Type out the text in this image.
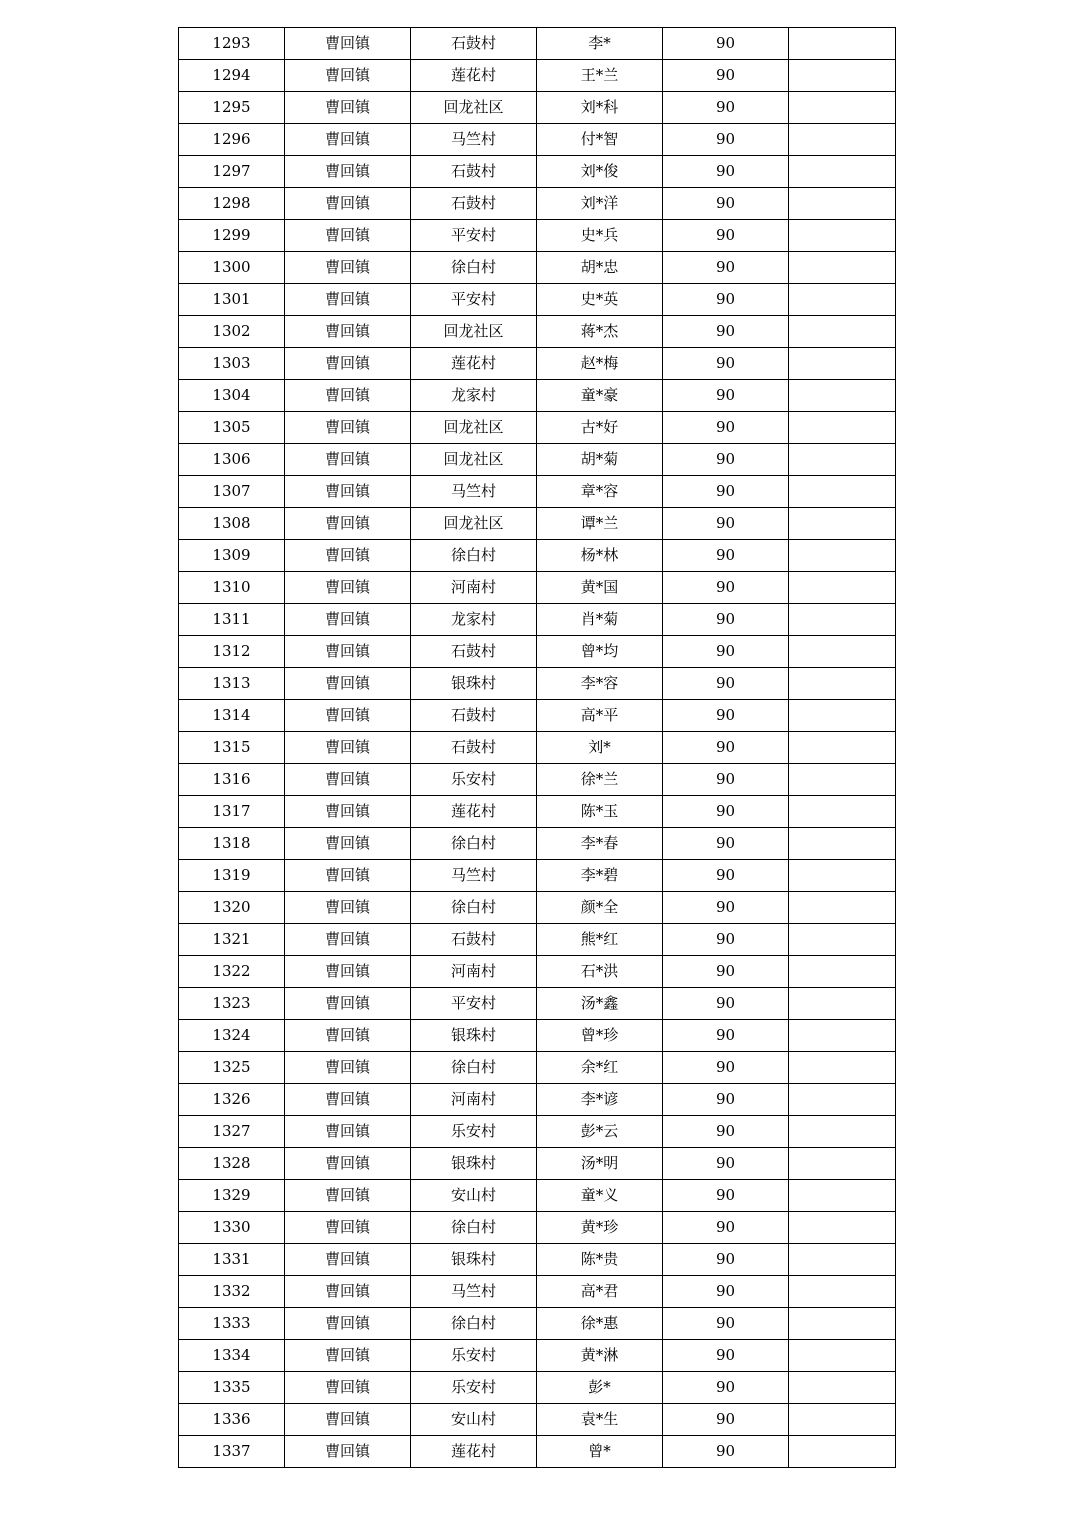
1293	曹回镇	石鼓村	李*	90	
1294	曹回镇	莲花村	王*兰	90	
1295	曹回镇	回龙社区	刘*科	90	
1296	曹回镇	马竺村	付*智	90	
1297	曹回镇	石鼓村	刘*俊	90	
1298	曹回镇	石鼓村	刘*洋	90	
1299	曹回镇	平安村	史*兵	90	
1300	曹回镇	徐白村	胡*忠	90	
1301	曹回镇	平安村	史*英	90	
1302	曹回镇	回龙社区	蒋*杰	90	
1303	曹回镇	莲花村	赵*梅	90	
1304	曹回镇	龙家村	童*豪	90	
1305	曹回镇	回龙社区	古*好	90	
1306	曹回镇	回龙社区	胡*菊	90	
1307	曹回镇	马竺村	章*容	90	
1308	曹回镇	回龙社区	谭*兰	90	
1309	曹回镇	徐白村	杨*林	90	
1310	曹回镇	河南村	黄*国	90	
1311	曹回镇	龙家村	肖*菊	90	
1312	曹回镇	石鼓村	曾*均	90	
1313	曹回镇	银珠村	李*容	90	
1314	曹回镇	石鼓村	高*平	90	
1315	曹回镇	石鼓村	刘*	90	
1316	曹回镇	乐安村	徐*兰	90	
1317	曹回镇	莲花村	陈*玉	90	
1318	曹回镇	徐白村	李*春	90	
1319	曹回镇	马竺村	李*碧	90	
1320	曹回镇	徐白村	颜*全	90	
1321	曹回镇	石鼓村	熊*红	90	
1322	曹回镇	河南村	石*洪	90	
1323	曹回镇	平安村	汤*鑫	90	
1324	曹回镇	银珠村	曾*珍	90	
1325	曹回镇	徐白村	余*红	90	
1326	曹回镇	河南村	李*谚	90	
1327	曹回镇	乐安村	彭*云	90	
1328	曹回镇	银珠村	汤*明	90	
1329	曹回镇	安山村	童*义	90	
1330	曹回镇	徐白村	黄*珍	90	
1331	曹回镇	银珠村	陈*贵	90	
1332	曹回镇	马竺村	高*君	90	
1333	曹回镇	徐白村	徐*惠	90	
1334	曹回镇	乐安村	黄*淋	90	
1335	曹回镇	乐安村	彭*	90	
1336	曹回镇	安山村	袁*生	90	
1337	曹回镇	莲花村	曾*	90	
